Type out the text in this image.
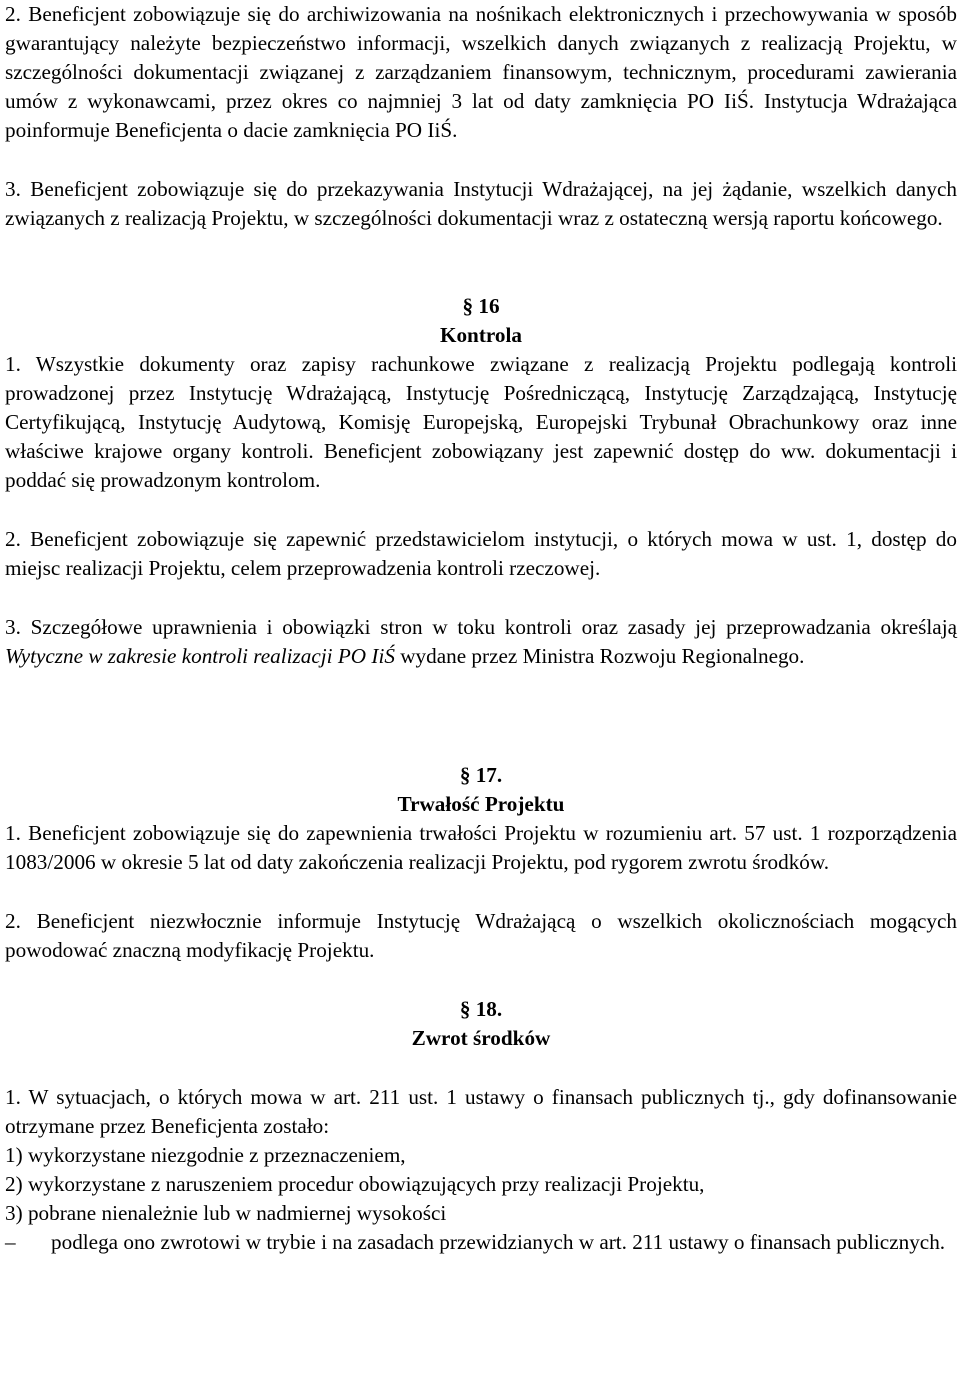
2. Beneficjent zobowiązuje się do archiwizowania na nośnikach elektronicznych i przechowywania w sposób gwarantujący należyte bezpieczeństwo informacji, wszelkich danych związanych z realizacją Projektu, w szczególności dokumentacji związanej z zarządzaniem finansowym, technicznym, procedurami zawierania umów z wykonawcami, przez okres co najmniej 3 lat od daty zamknięcia PO IiŚ. Instytucja Wdrażająca poinformuje Beneficjenta o dacie zamknięcia PO IiŚ.

3. Beneficjent zobowiązuje się do przekazywania Instytucji Wdrażającej, na jej żądanie, wszelkich danych związanych z realizacją Projektu, w szczególności dokumentacji wraz z ostateczną wersją raportu końcowego.

§ 16

Kontrola

1. Wszystkie dokumenty oraz zapisy rachunkowe związane z realizacją Projektu podlegają kontroli prowadzonej przez Instytucję Wdrażającą, Instytucję Pośredniczącą, Instytucję Zarządzającą, Instytucję Certyfikującą, Instytucję Audytową, Komisję Europejską, Europejski Trybunał Obrachunkowy oraz inne właściwe krajowe organy kontroli. Beneficjent zobowiązany jest zapewnić dostęp do ww. dokumentacji i poddać się prowadzonym kontrolom.

2. Beneficjent zobowiązuje się zapewnić przedstawicielom instytucji, o których mowa w ust. 1, dostęp do miejsc realizacji Projektu, celem przeprowadzenia kontroli rzeczowej.

3. Szczegółowe uprawnienia i obowiązki stron w toku kontroli oraz zasady jej przeprowadzania określają Wytyczne w zakresie kontroli realizacji PO IiŚ wydane przez Ministra Rozwoju Regionalnego.

§ 17.

Trwałość Projektu

1. Beneficjent zobowiązuje się do zapewnienia trwałości Projektu w rozumieniu art. 57 ust. 1 rozporządzenia 1083/2006 w okresie 5 lat od daty zakończenia realizacji Projektu, pod rygorem zwrotu środków.

2. Beneficjent niezwłocznie informuje Instytucję Wdrażającą o wszelkich okolicznościach mogących powodować znaczną modyfikację Projektu.

§ 18.

Zwrot środków

1. W sytuacjach, o których mowa w art. 211 ust. 1 ustawy o finansach publicznych tj., gdy dofinansowanie otrzymane przez Beneficjenta zostało:

1) wykorzystane niezgodnie z przeznaczeniem,

2) wykorzystane z naruszeniem procedur obowiązujących przy realizacji Projektu,

3) pobrane nienależnie lub w nadmiernej wysokości

– podlega ono zwrotowi w trybie i na zasadach przewidzianych w art. 211 ustawy o finansach publicznych.
